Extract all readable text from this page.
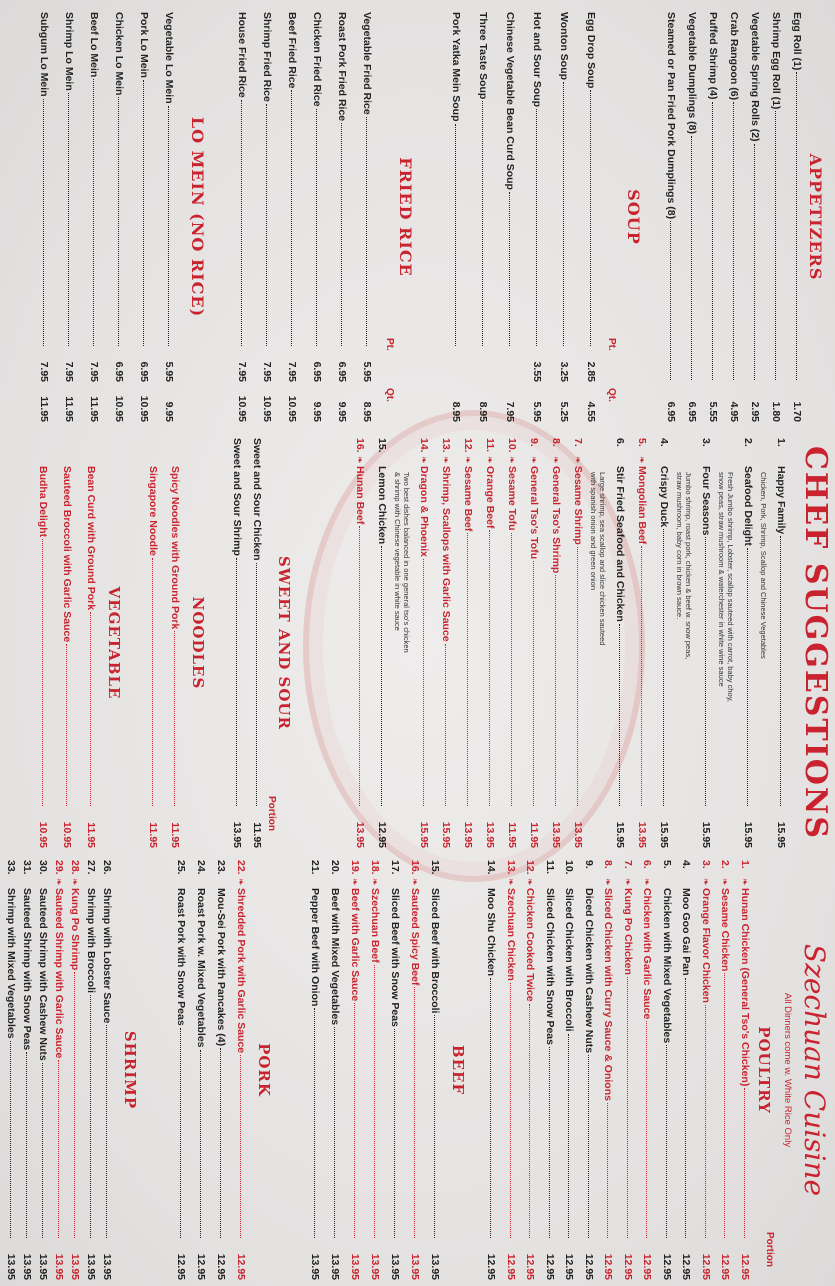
APPETIZERS
Egg Roll (1)
1.70
Shrimp Egg Roll (1)
1.80
Vegetable Spring Rolls (2)
2.95
Crab Rangoon (6)
4.95
Puffed Shrimp (4)
5.55
Vegetable Dumplings (8)
6.95
Steamed or Pan Fried Pork Dumplings (8)
6.95
SOUP
Pt.
Qt.
Egg Drop Soup
2.85
4.55
Wonton Soup
3.25
5.25
Hot and Sour Soup
3.55
5.95
Chinese Vegetable Bean Curd Soup
7.95
Three Taste Soup
8.95
Pork Yatka Mein Soup
8.95
FRIED RICE
Pt.
Qt.
Vegetable Fried Rice
5.95
8.95
Roast Pork Fried Rice
6.95
9.95
Chicken Fried Rice
6.95
9.95
Beef Fried Rice
7.95
10.95
Shrimp Fried Rice
7.95
10.95
House Fried Rice
7.95
10.95
LO MEIN (NO RICE)
Vegetable Lo Mein
5.95
9.95
Pork Lo Mein
6.95
10.95
Chicken Lo Mein
6.95
10.95
Beef Lo Mein
7.95
11.95
Shrimp Lo Mein
7.95
11.95
Subgum Lo Mein
7.95
11.95
CHEF SUGGESTIONS
1.
Happy Family
15.95
Chicken, Pork, Shrimp, Scallop and Chinese Vegetables
2.
Seafood Delight
15.95
Fresh Jumbo shrimp, Lobster, scallop sauteed with carrot, baby choy,
snow peas, straw mushroom & waterchester in white wine sauce
3.
Four Seasons
15.95
Jumbo shrimp, roast pork, chicken & beef w. snow peas,
straw mushroom, baby corn in brown sauce.
4.
Crispy Duck
15.95
5.
❧
Mongolian Beef
13.95
6.
Stir Fried Seafood and Chicken
15.95
Large shrimp, sea scallop and slice chicken sauteed
with spanish onion and green onion
7.
❧
Sesame Shrimp
13.95
8.
❧
General Tso's Shrimp
13.95
9.
❧
General Tso's Tofu
11.95
10.
❧
Sesame Tofu
11.95
11.
❧
Orange Beef
13.95
12.
❧
Sesame Beef
13.95
13.
❧
Shrimp, Scallops with Garlic Sauce
15.95
14.
❧
Dragon & Phoenix
15.95
Two best dishes balanced in one general tso's chicken
& shrimp with Chinese vegetable in white sauce
15.
Lemon Chicken
12.95
16.
❧
Hunan Beef
13.95
SWEET AND SOUR
Portion
Sweet and Sour Chicken
11.95
Sweet and Sour Shrimp
13.95
NOODLES
Spicy Noodles with Ground Pork
11.95
Singapore Noodle
11.95
VEGETABLE
Bean Curd with Ground Pork
11.95
Sauteed Broccoli with Garlic Sauce
10.95
Budha Delight
10.95
Szechuan Cuisine
All Dinners come w. White Rice Only
Portion
POULTRY
1.
❧
Hunan Chicken (General Tso's Chicken)
12.95
2.
❧
Sesame Chicken
12.95
3.
❧
Orange Flavor Chicken
12.95
4.
Moo Goo Gai Pan
12.95
5.
Chicken with Mixed Vegetables
12.95
6.
❧
Chicken with Garlic Sauce
12.95
7.
❧
Kung Po Chicken
12.95
8.
❧
Sliced Chicken with Curry Sauce & Onions
12.95
9.
Diced Chicken with Cashew Nuts
12.95
10.
Sliced Chicken with Broccoli
12.95
11.
Sliced Chicken with Snow Peas
12.95
12.
❧
Chicken Cooked Twice
12.95
13.
❧
Szechuan Chicken
12.95
14.
Moo Shu Chicken
12.95
BEEF
15.
Sliced Beef with Broccoli
13.95
16.
❧
Sauteed Spicy Beef
13.95
17.
Sliced Beef with Snow Peas
13.95
18.
❧
Szechuan Beef
13.95
19.
❧
Beef with Garlic Sauce
13.95
20.
Beef with Mixed Vegetables
13.95
21.
Pepper Beef with Onion
13.95
PORK
22.
❧
Shredded Pork with Garlic Sauce
12.95
23.
Mou-Sei Pork with Pancakes (4)
12.95
24.
Roast Pork w. Mixed Vegetables
12.95
25.
Roast Pork with Snow Peas
12.95
SHRIMP
26.
Shrimp with Lobster Sauce
13.95
27.
Shrimp with Broccoli
13.95
28.
❧
Kung Po Shrimp
13.95
29.
❧
Sauteed Shrimp with Garlic Sauce
13.95
30.
Sauteed Shrimp with Cashew Nuts
13.95
31.
Sauteed Shrimp with Snow Peas
13.95
33.
Shrimp with Mixed Vegetables
13.95
